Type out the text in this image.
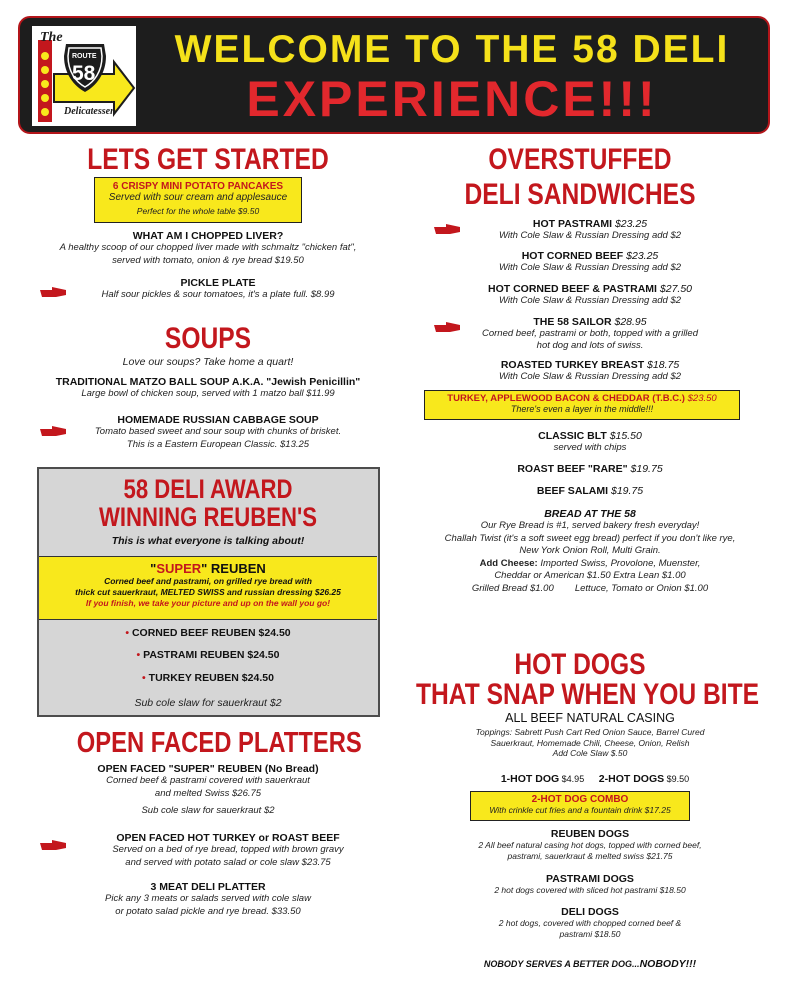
The
ROUTE
58
Delicatessen
WELCOME TO THE 58 DELI
EXPERIENCE!!!
LETS GET STARTED
6 CRISPY MINI POTATO PANCAKES
Served with sour cream and applesauce
Perfect for the whole table $9.50
WHAT AM I CHOPPED LIVER?
A healthy scoop of our chopped liver made with schmaltz "chicken fat",
served with tomato, onion & rye bread $19.50
PICKLE PLATE
Half sour pickles & sour tomatoes, it's a plate full. $8.99
SOUPS
Love our soups? Take home a quart!
TRADITIONAL MATZO BALL SOUP A.K.A. "Jewish Penicillin"
Large bowl of chicken soup, served with 1 matzo ball $11.99
HOMEMADE RUSSIAN CABBAGE SOUP
Tomato based sweet and sour soup with chunks of brisket.
This is a Eastern European Classic. $13.25
58 DELI AWARD
WINNING REUBEN'S
This is what everyone is talking about!
"SUPER" REUBEN
Corned beef and pastrami, on grilled rye bread with
thick cut sauerkraut, MELTED SWISS and russian dressing $26.25
If you finish, we take your picture and up on the wall you go!
• CORNED BEEF REUBEN $24.50
• PASTRAMI REUBEN $24.50
• TURKEY REUBEN $24.50
Sub cole slaw for sauerkraut $2
OPEN FACED PLATTERS
OPEN FACED "SUPER" REUBEN (No Bread)
Corned beef & pastrami covered with sauerkraut
and melted Swiss $26.75
Sub cole slaw for sauerkraut $2
OPEN FACED HOT TURKEY or ROAST BEEF
Served on a bed of rye bread, topped with brown gravy
and served with potato salad or cole slaw $23.75
3 MEAT DELI PLATTER
Pick any 3 meats or salads served with cole slaw
or potato salad pickle and rye bread. $33.50
OVERSTUFFED
DELI SANDWICHES
HOT PASTRAMI $23.25
With Cole Slaw & Russian Dressing add $2
HOT CORNED BEEF $23.25
With Cole Slaw & Russian Dressing add $2
HOT CORNED BEEF & PASTRAMI $27.50
With Cole Slaw & Russian Dressing add $2
THE 58 SAILOR $28.95
Corned beef, pastrami or both, topped with a grilled
hot dog and lots of swiss.
ROASTED TURKEY BREAST $18.75
With Cole Slaw & Russian Dressing add $2
TURKEY, APPLEWOOD BACON & CHEDDAR (T.B.C.) $23.50
There's even a layer in the middle!!!
CLASSIC BLT $15.50
served with chips
ROAST BEEF "RARE" $19.75
BEEF SALAMI $19.75
BREAD AT THE 58
Our Rye Bread is #1, served bakery fresh everyday!
Challah Twist (it's a soft sweet egg bread) perfect if you don't like rye,
New York Onion Roll, Multi Grain.
Add Cheese: Imported Swiss, Provolone, Muenster,
Cheddar or American $1.50 Extra Lean $1.00
Grilled Bread $1.00        Lettuce, Tomato or Onion $1.00
HOT DOGS
THAT SNAP WHEN YOU BITE
ALL BEEF NATURAL CASING
Toppings: Sabrett Push Cart Red Onion Sauce, Barrel Cured
Sauerkraut, Homemade Chili, Cheese, Onion, Relish
Add Cole Slaw $.50
1-HOT DOG $4.95 2-HOT DOGS $9.50
2-HOT DOG COMBO
With crinkle cut fries and a fountain drink $17.25
REUBEN DOGS
2 All beef natural casing hot dogs, topped with corned beef,
pastrami, sauerkraut & melted swiss $21.75
PASTRAMI DOGS
2 hot dogs covered with sliced hot pastrami $18.50
DELI DOGS
2 hot dogs, covered with chopped corned beef &
pastrami $18.50
NOBODY SERVES A BETTER DOG...NOBODY!!!
